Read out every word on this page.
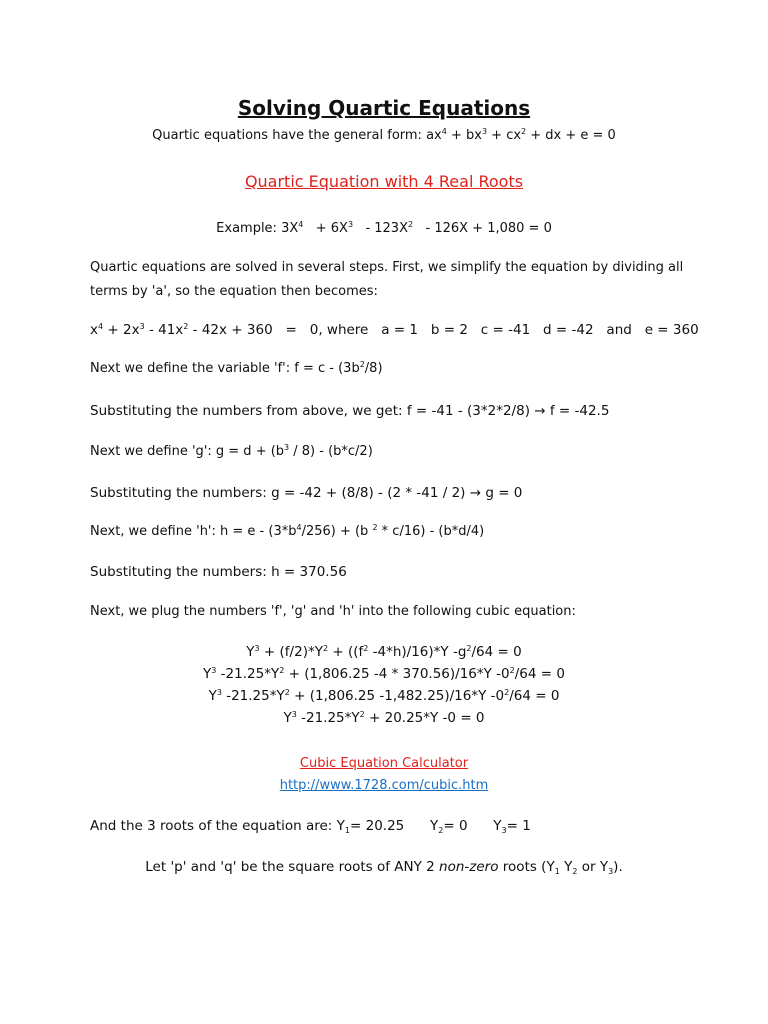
Solving Quartic Equations
Quartic equations have the general form: $ax^4 + bx^3 + cx^2$ + dx + e = 0
Quartic Equation with 4 Real Roots
Example: $3X^4 + 6X^3 - 123X^2 - 126X + 1,080 = 0$
Quartic equations are solved in several steps. First, we simplify the equation by dividing all
terms by 'a', so the equation then becomes:
$x^4 + 2x^3 - 41x^2 - 42x + 360 = 0$, where   a = 1   b = 2   c = -41   d = -42   and   e = 360
Next we define the variable 'f': $f = c - (3b^2/8)$
Substituting the numbers from above, we get: f = -41 - (3*2*2/8) → f = -42.5
Next we define 'g': $g = d + (b^3 / 8) - (b*c/2)$
Substituting the numbers: g = -42 + (8/8) - (2 * -41 / 2) → g = 0
Next, we define 'h': $h = e - (3*b^4/256) + (b$ $^2$ * c/16) - (b*d/4)
Substituting the numbers: h = 370.56
Next, we plug the numbers 'f', 'g' and 'h' into the following cubic equation:
$Y^3 + (f/2)*Y^2 + ((f^2$ -4*h)/16)*Y $-g^2/64 = 0$
$Y^3$ $-21.25*Y^2 + (1,806.25$ -4 * 370.56)/16*Y $-0^2/64 = 0$
$Y^3$ $-21.25*Y^2 + (1,806.25$ -1,482.25)/16*Y $-0^2/64 = 0$
$Y^3$ $-21.25*Y^2 + 20.25*Y$ -0 = 0
Cubic Equation Calculator
http://www.1728.com/cubic.htm
And the 3 roots of the equation are: $Y_1= 20.25$      $Y_2= 0$      $Y_3= 1$
Let 'p' and 'q' be the square roots of ANY 2 non-zero roots ($Y_1$ $Y_2$ or $Y_3$).
